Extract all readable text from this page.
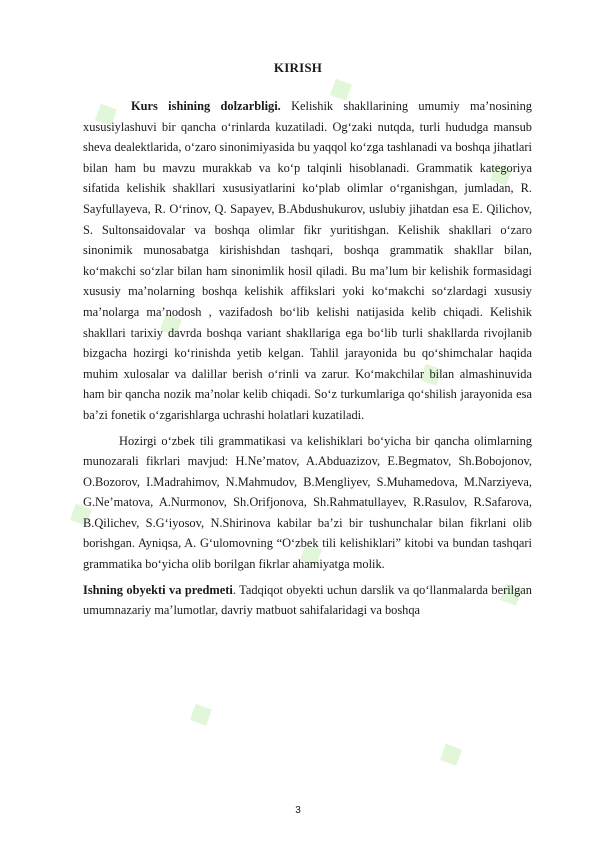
KIRISH

Kurs ishining dolzarbligi. Kelishik shakllarining umumiy ma’nosining xususiylashuvi bir qancha o‘rinlarda kuzatiladi. Og‘zaki nutqda, turli hududga mansub sheva dealektlarida, o‘zaro sinonimiyasida bu yaqqol ko‘zga tashlanadi va boshqa jihatlari bilan ham bu mavzu murakkab va ko‘p talqinli hisoblanadi. Grammatik kategoriya sifatida kelishik shakllari xususiyatlarini ko‘plab olimlar o‘rganishgan, jumladan, R. Sayfullayeva, R. O‘rinov, Q. Sapayev, B.Abdushukurov, uslubiy jihatdan esa E. Qilichov, S. Sultonsaidovalar va boshqa olimlar fikr yuritishgan. Kelishik shakllari o‘zaro sinonimik munosabatga kirishishdan tashqari, boshqa grammatik shakllar bilan, ko‘makchi so‘zlar bilan ham sinonimlik hosil qiladi. Bu ma’lum bir kelishik formasidagi xususiy ma’nolarning boshqa kelishik affikslari yoki ko‘makchi so‘zlardagi xususiy ma’nolarga ma’nodosh , vazifadosh bo‘lib kelishi natijasida kelib chiqadi. Kelishik shakllari tarixiy davrda boshqa variant shakllariga ega bo‘lib turli shakllarda rivojlanib bizgacha hozirgi ko‘rinishda yetib kelgan. Tahlil jarayonida bu qo‘shimchalar haqida muhim xulosalar va dalillar berish o‘rinli va zarur. Ko‘makchilar bilan almashinuvida ham bir qancha nozik ma’nolar kelib chiqadi. So‘z turkumlariga qo‘shilish jarayonida esa ba’zi fonetik o‘zgarishlarga uchrashi holatlari kuzatiladi.

Hozirgi o‘zbek tili grammatikasi va kelishiklari bo‘yicha bir qancha olimlarning munozarali fikrlari mavjud: H.Ne’matov, A.Abduazizov, E.Begmatov, Sh.Bobojonov, O.Bozorov, I.Madrahimov, N.Mahmudov, B.Mengliyev, S.Muhamedova, M.Narziyeva, G.Ne’matova, A.Nurmonov, Sh.Orifjonova, Sh.Rahmatullayev, R.Rasulov, R.Safarova, B.Qilichev, S.G‘iyosov, N.Shirinova kabilar ba’zi bir tushunchalar bilan fikrlani olib borishgan. Ayniqsa, A. G‘ulomovning “O‘zbek tili kelishiklari” kitobi va bundan tashqari grammatika bo‘yicha olib borilgan fikrlar ahamiyatga molik.

Ishning obyekti va predmeti. Tadqiqot obyekti uchun darslik va qo‘llanmalarda berilgan umumnazariy ma’lumotlar, davriy matbuot sahifalaridagi va boshqa

3
